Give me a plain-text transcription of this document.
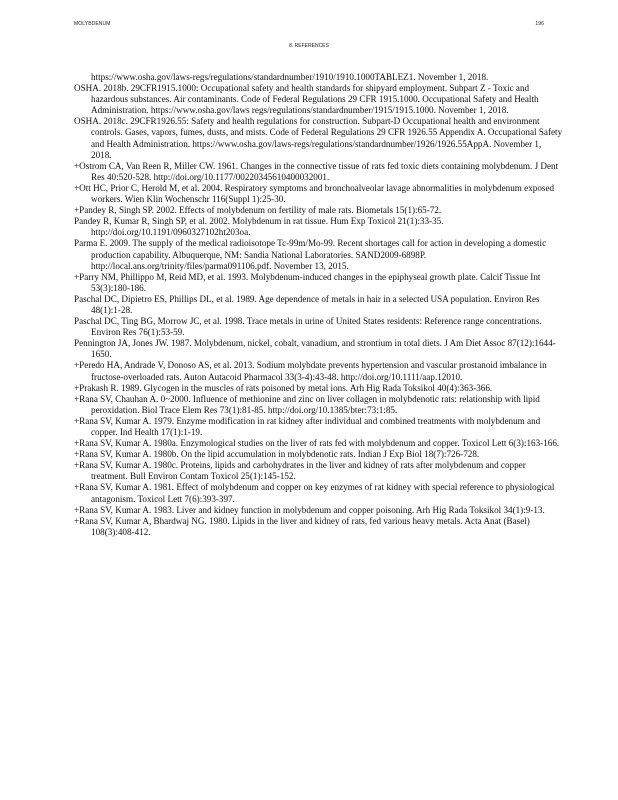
MOLYBDENUM	196
8. REFERENCES

https://www.osha.gov/laws-regs/regulations/standardnumber/1910/1910.1000TABLEZ1. November 1, 2018.

OSHA. 2018b. 29CFR1915.1000: Occupational safety and health standards for shipyard employment. Subpart Z - Toxic and hazardous substances. Air contaminants. Code of Federal Regulations 29 CFR 1915.1000. Occupational Safety and Health Administration. https://www.osha.gov/laws regs/regulations/standardnumber/1915/1915.1000. November 1, 2018.

OSHA. 2018c. 29CFR1926.55: Safety and health regulations for construction. Subpart-D Occupational health and environment controls. Gases, vapors, fumes, dusts, and mists. Code of Federal Regulations 29 CFR 1926.55 Appendix A. Occupational Safety and Health Administration. https://www.osha.gov/laws-regs/regulations/standardnumber/1926/1926.55AppA. November 1, 2018.

+Ostrom CA, Van Reen R, Miller CW. 1961. Changes in the connective tissue of rats fed toxic diets containing molybdenum. J Dent Res 40:520-528. http://doi.org/10.1177/00220345610400032001.

+Ott HC, Prior C, Herold M, et al. 2004. Respiratory symptoms and bronchoalveolar lavage abnormalities in molybdenum exposed workers. Wien Klin Wochenschr 116(Suppl 1):25-30.

+Pandey R, Singh SP. 2002. Effects of molybdenum on fertility of male rats. Biometals 15(1):65-72.

Pandey R, Kumar R, Singh SP, et al. 2002. Molybdenum in rat tissue. Hum Exp Toxicol 21(1):33-35. http://doi.org/10.1191/0960327102ht203oa.

Parma E. 2009. The supply of the medical radioisotope Tc-99m/Mo-99. Recent shortages call for action in developing a domestic production capability. Albuquerque, NM: Sandia National Laboratories. SAND2009-6898P. http://local.ans.org/trinity/files/parma091106.pdf. November 13, 2015.

+Parry NM, Phillippo M, Reid MD, et al. 1993. Molybdenum-induced changes in the epiphyseal growth plate. Calcif Tissue Int 53(3):180-186.

Paschal DC, Dipietro ES, Phillips DL, et al. 1989. Age dependence of metals in hair in a selected USA population. Environ Res 48(1):1-28.

Paschal DC, Ting BG, Morrow JC, et al. 1998. Trace metals in urine of United States residents: Reference range concentrations. Environ Res 76(1):53-59.

Pennington JA, Jones JW. 1987. Molybdenum, nickel, cobalt, vanadium, and strontium in total diets. J Am Diet Assoc 87(12):1644-1650.

+Peredo HA, Andrade V, Donoso AS, et al. 2013. Sodium molybdate prevents hypertension and vascular prostanoid imbalance in fructose-overloaded rats. Auton Autacoid Pharmacol 33(3-4):43-48. http://doi.org/10.1111/aap.12010.

+Prakash R. 1989. Glycogen in the muscles of rats poisoned by metal ions. Arh Hig Rada Toksikol 40(4):363-366.

+Rana SV, Chauhan A. 0~2000. Influence of methionine and zinc on liver collagen in molybdenotic rats: relationship with lipid peroxidation. Biol Trace Elem Res 73(1):81-85. http://doi.org/10.1385/bter:73:1:85.

+Rana SV, Kumar A. 1979. Enzyme modification in rat kidney after individual and combined treatments with molybdenum and copper. Ind Health 17(1):1-19.

+Rana SV, Kumar A. 1980a. Enzymological studies on the liver of rats fed with molybdenum and copper. Toxicol Lett 6(3):163-166.

+Rana SV, Kumar A. 1980b. On the lipid accumulation in molybdenotic rats. Indian J Exp Biol 18(7):726-728.

+Rana SV, Kumar A. 1980c. Proteins, lipids and carbohydrates in the liver and kidney of rats after molybdenum and copper treatment. Bull Environ Contam Toxicol 25(1):145-152.

+Rana SV, Kumar A. 1981. Effect of molybdenum and copper on key enzymes of rat kidney with special reference to physiological antagonism. Toxicol Lett 7(6):393-397.

+Rana SV, Kumar A. 1983. Liver and kidney function in molybdenum and copper poisoning. Arh Hig Rada Toksikol 34(1):9-13.

+Rana SV, Kumar A, Bhardwaj NG. 1980. Lipids in the liver and kidney of rats, fed various heavy metals. Acta Anat (Basel) 108(3):408-412.
